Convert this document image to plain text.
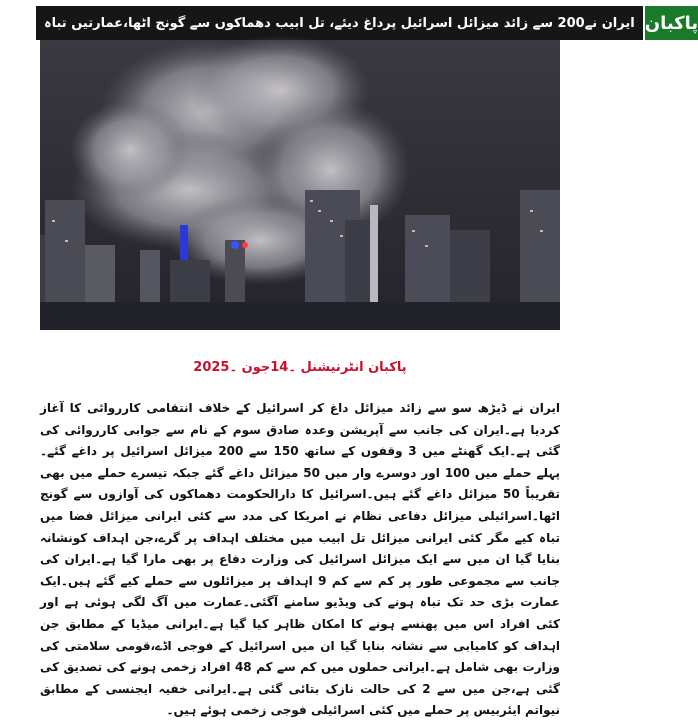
ایران نے200 سے زائد میزائل اسرائیل پرداغ دیئے، تل ابیب دھماکوں سے گونج اٹھا،عمارتیں تباہ پاکبان
پاکبان انٹرنیشنل ۔14جون ۔2025

ایران نے ڈیڑھ سو سے زائد میزائل داغ کر اسرائیل کے خلاف انتقامی کارروائی کا آغاز کردیا ہے۔ایران کی جانب سے آپریشن وعدہ صادق سوم کے نام سے جوابی کارروائی کی گئی ہے۔ایک گھنٹے میں 3 وقفوں کے ساتھ 150 سے 200 میزائل اسرائیل پر داغے گئے۔ پہلے حملے میں 100 اور دوسرے وار میں 50 میزائل داغے گئے جبکہ تیسرے حملے میں بھی تقریباً 50 میزائل داغے گئے ہیں۔اسرائیل کا دارالحکومت دھماکوں کی آوازوں سے گونج اٹھا۔اسرائیلی میزائل دفاعی نظام نے امریکا کی مدد سے کئی ایرانی میزائل فضا میں تباہ کیے مگر کئی ایرانی میزائل تل ابیب میں مختلف اہداف پر گرے،جن اہداف کونشانہ بنایا گیا ان میں سے ایک میزائل اسرائیل کی وزارت دفاع پر بھی مارا گیا ہے۔ایران کی جانب سے مجموعی طور پر کم سے کم 9 اہداف پر میزائلوں سے حملے کیے گئے ہیں۔ایک عمارت بڑی حد تک تباہ ہونے کی ویڈیو سامنے آگئی۔عمارت میں آگ لگی ہوئی ہے اور کئی افراد اس میں پھنسے ہونے کا امکان ظاہر کیا گیا ہے۔ایرانی میڈیا کے مطابق جن اہداف کو کامیابی سے نشانہ بنایا گیا ان میں اسرائیل کے فوجی اڈے،قومی سلامتی کی وزارت بھی شامل ہے۔ایرانی حملوں میں کم سے کم 48 افراد زخمی ہونے کی تصدیق کی گئی ہے،جن میں سے 2 کی حالت نازک بتائی گئی ہے۔ایرانی خفیہ ایجنسی کے مطابق نیواتم ایئربیس پر حملے میں کئی اسرائیلی فوجی زخمی ہوئے ہیں۔
